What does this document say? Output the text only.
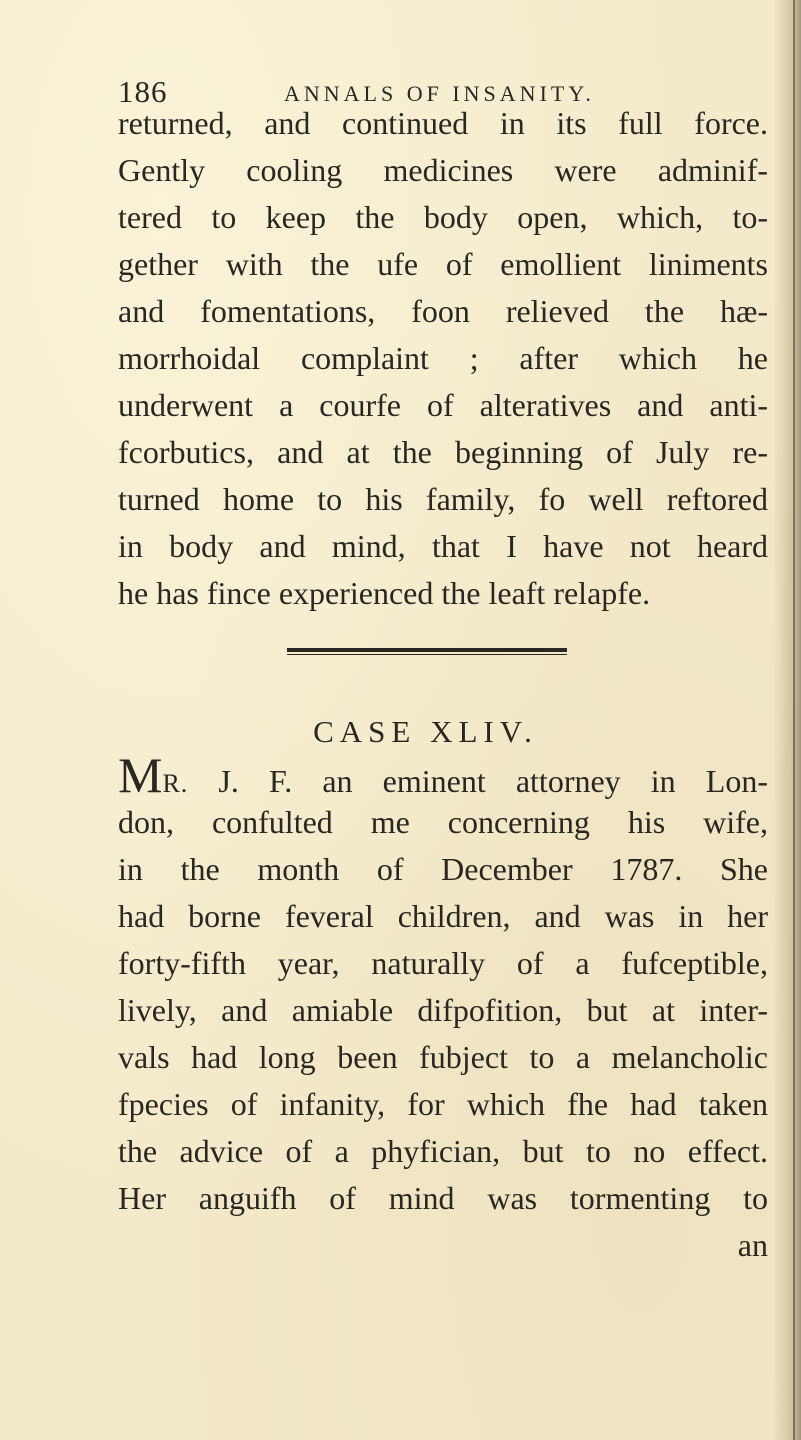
186	ANNALS OF INSANITY.
returned, and continued in its full force.
Gently cooling medicines were adminif-
tered to keep the body open, which, to-
gether with the ufe of emollient liniments
and fomentations, foon relieved the hæ-
morrhoidal complaint ; after which he
underwent a courfe of alteratives and anti-
fcorbutics, and at the beginning of July re-
turned home to his family, fo well reftored
in body and mind, that I have not heard
he has fince experienced the leaft relapfe.
CASE XLIV.
MR. J. F. an eminent attorney in Lon-
don, confulted me concerning his wife,
in the month of December 1787. She
had borne feveral children, and was in her
forty-fifth year, naturally of a fufceptible,
lively, and amiable difpofition, but at inter-
vals had long been fubject to a melancholic
fpecies of infanity, for which fhe had taken
the advice of a phyfician, but to no effect.
Her anguifh of mind was tormenting to
an
